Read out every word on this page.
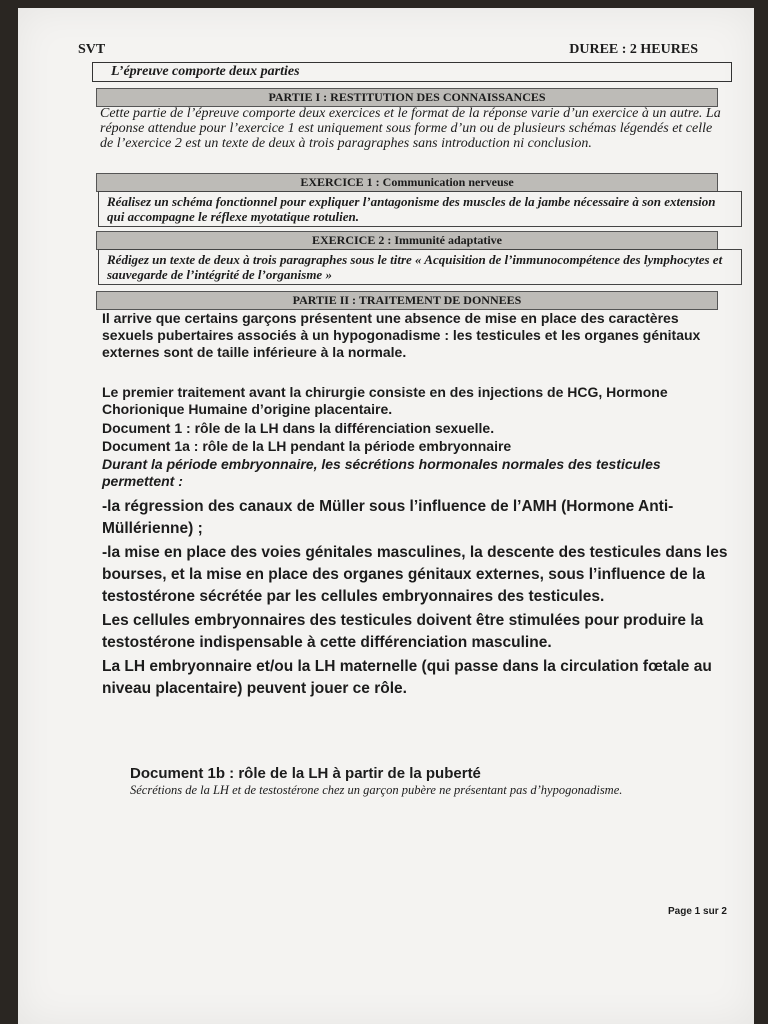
SVT	DUREE : 2 HEURES
L’épreuve comporte deux parties
PARTIE I : RESTITUTION DES CONNAISSANCES
Cette partie de l’épreuve comporte deux exercices et le format de la réponse varie d’un exercice à un autre. La réponse attendue pour l’exercice 1 est uniquement sous forme d’un ou de plusieurs schémas légendés et celle de l’exercice 2 est un texte de deux à trois paragraphes sans introduction ni conclusion.
EXERCICE 1 : Communication nerveuse
Réalisez un schéma fonctionnel pour expliquer l’antagonisme des muscles de la jambe nécessaire à son extension qui accompagne le réflexe myotatique rotulien.
EXERCICE 2 : Immunité adaptative
Rédigez un texte de deux à trois paragraphes sous le titre « Acquisition de l’immunocompétence des lymphocytes et sauvegarde de l’intégrité de l’organisme »
PARTIE II : TRAITEMENT DE DONNEES
Il arrive que certains garçons présentent une absence de mise en place des caractères sexuels pubertaires associés à un hypogonadisme : les testicules et les organes génitaux externes sont de taille inférieure à la normale.
Le premier traitement avant la chirurgie consiste en des injections de HCG, Hormone Chorionique Humaine d’origine placentaire.
Document 1 : rôle de la LH dans la différenciation sexuelle.
Document 1a : rôle de la LH pendant la période embryonnaire
Durant la période embryonnaire, les sécrétions hormonales normales des testicules permettent :

-la régression des canaux de Müller sous l’influence de l’AMH (Hormone Anti-Müllérienne) ;

-la mise en place des voies génitales masculines, la descente des testicules dans les bourses, et la mise en place des organes génitaux externes, sous l’influence de la testostérone sécrétée par les cellules embryonnaires des testicules.

Les cellules embryonnaires des testicules doivent être stimulées pour produire la testostérone indispensable à cette différenciation masculine.

La LH embryonnaire et/ou la LH maternelle (qui passe dans la circulation fœtale au niveau placentaire) peuvent jouer ce rôle.

Document 1b : rôle de la LH à partir de la puberté
Sécrétions de la LH et de testostérone chez un garçon pubère ne présentant pas d’hypogonadisme.
Page 1 sur 2
